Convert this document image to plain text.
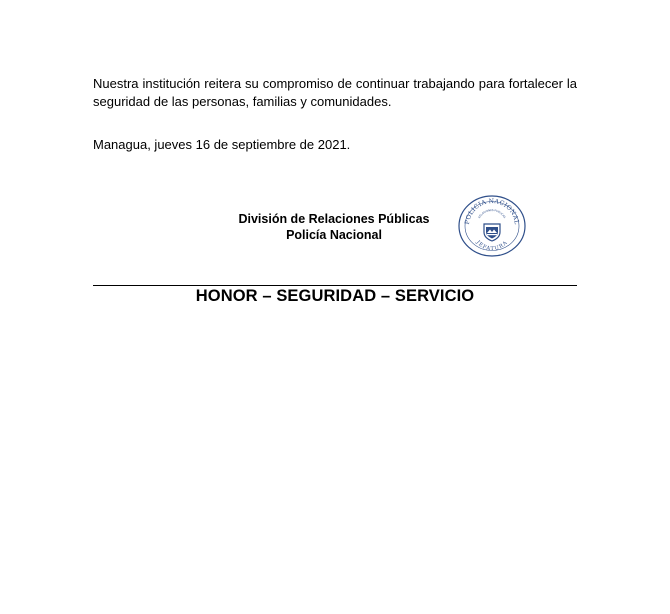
Nuestra institución reitera su compromiso de continuar trabajando para fortalecer la seguridad de las personas, familias y comunidades.

Managua, jueves 16 de septiembre de 2021.

División de Relaciones Públicas
Policía Nacional
POLICIA NACIONAL
JEFATURA
RELACIONES PUBLICAS
HONOR – SEGURIDAD – SERVICIO
